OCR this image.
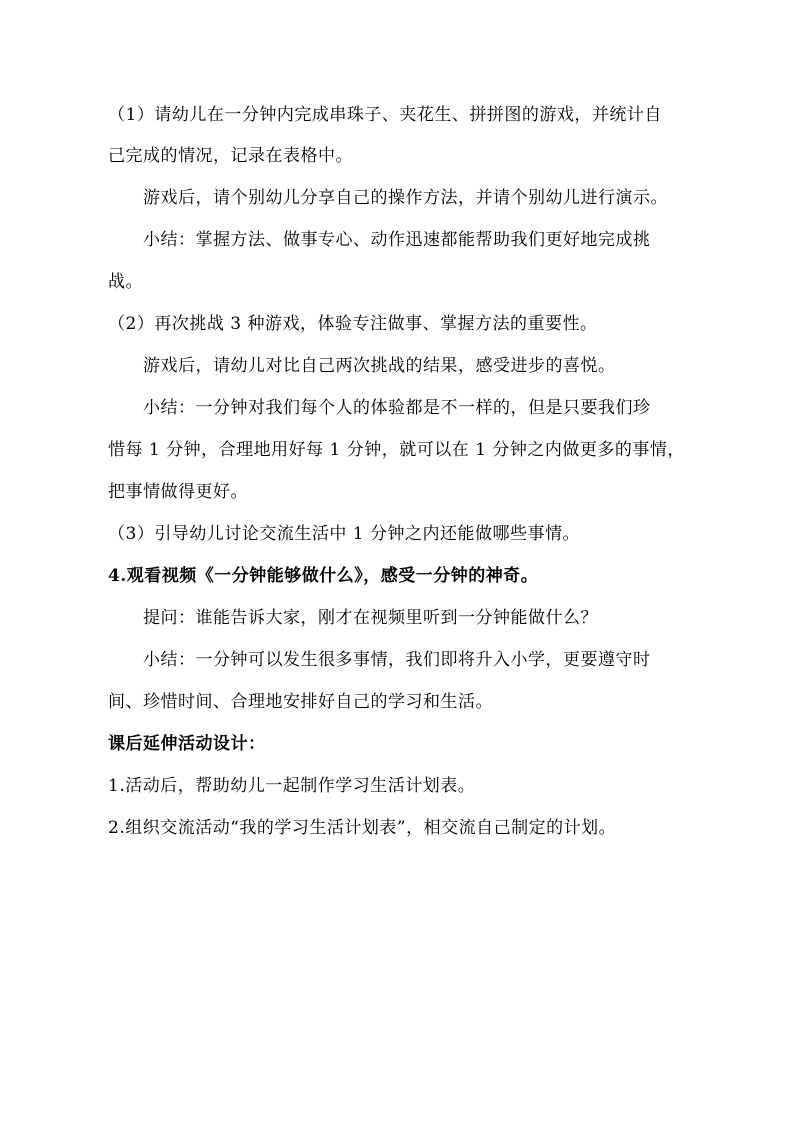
（1）请幼儿在一分钟内完成串珠子、夹花生、拼拼图的游戏，并统计自
己完成的情况，记录在表格中。
游戏后，请个别幼儿分享自己的操作方法，并请个别幼儿进行演示。
小结：掌握方法、做事专心、动作迅速都能帮助我们更好地完成挑
战。
（2）再次挑战 3 种游戏，体验专注做事、掌握方法的重要性。
游戏后，请幼儿对比自己两次挑战的结果，感受进步的喜悦。
小结：一分钟对我们每个人的体验都是不一样的，但是只要我们珍
惜每 1 分钟，合理地用好每 1 分钟，就可以在 1 分钟之内做更多的事情，
把事情做得更好。
（3）引导幼儿讨论交流生活中 1 分钟之内还能做哪些事情。
4.观看视频《一分钟能够做什么》，感受一分钟的神奇。
提问：谁能告诉大家，刚才在视频里听到一分钟能做什么？
小结：一分钟可以发生很多事情，我们即将升入小学，更要遵守时
间、珍惜时间、合理地安排好自己的学习和生活。
课后延伸活动设计：
1.活动后，帮助幼儿一起制作学习生活计划表。
2.组织交流活动“我的学习生活计划表”，相交流自己制定的计划。
